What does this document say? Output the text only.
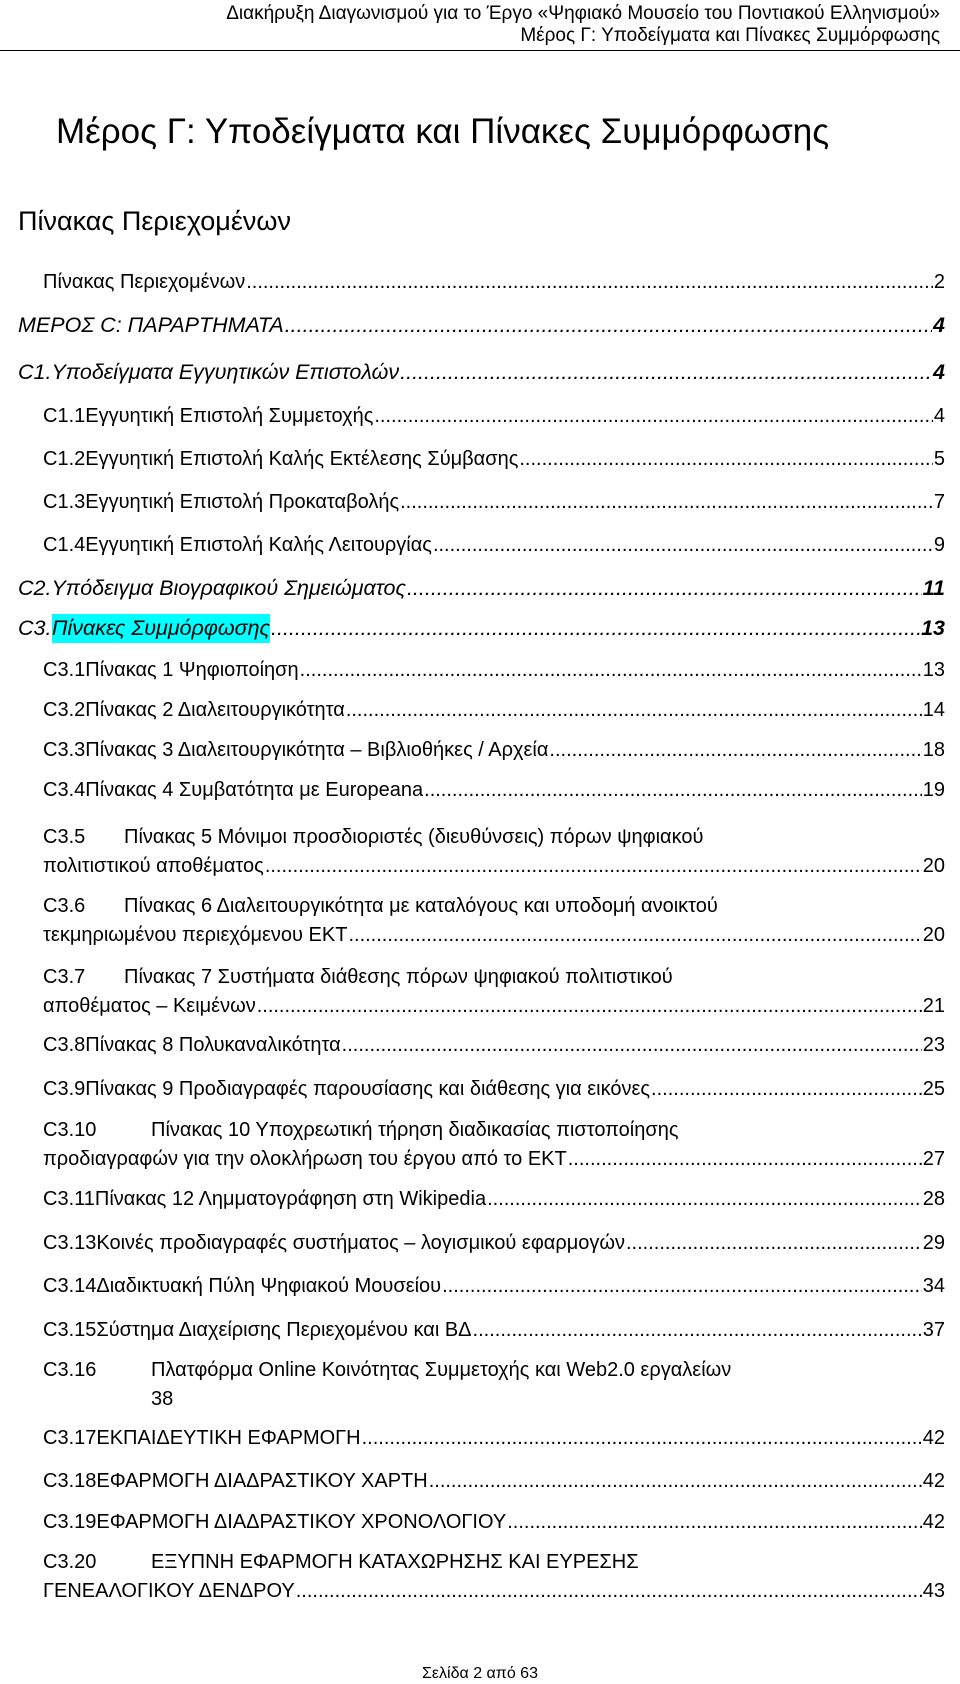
Διακήρυξη Διαγωνισμού για το Έργο «Ψηφιακό Μουσείο του Ποντιακού Ελληνισμού»
Μέρος Γ: Υποδείγματα και Πίνακες Συμμόρφωσης
Μέρος Γ: Υποδείγματα και Πίνακες Συμμόρφωσης
Πίνακας Περιεχομένων
Πίνακας Περιεχομένων .....	2
ΜΕΡΟΣ C: ΠΑΡΑΡΤΗΜΑΤΑ .....	4
C1. Υποδείγματα Εγγυητικών Επιστολών .....	4
C1.1 Εγγυητική Επιστολή Συμμετοχής .....	4
C1.2 Εγγυητική Επιστολή Καλής Εκτέλεσης Σύμβασης .....	5
C1.3 Εγγυητική Επιστολή Προκαταβολής .....	7
C1.4 Εγγυητική Επιστολή Καλής Λειτουργίας .....	9
C2. Υπόδειγμα Βιογραφικού Σημειώματος .....	11
C3. Πίνακες Συμμόρφωσης .....	13
C3.1 Πίνακας 1 Ψηφιοποίηση .....	13
C3.2 Πίνακας 2 Διαλειτουργικότητα .....	14
C3.3 Πίνακας 3 Διαλειτουργικότητα – Βιβλιοθήκες / Αρχεία .....	18
C3.4 Πίνακας 4 Συμβατότητα με Europeana .....	19
C3.5 Πίνακας 5 Μόνιμοι προσδιοριστές (διευθύνσεις) πόρων ψηφιακού
πολιτιστικού αποθέματος .....	20
C3.6 Πίνακας 6 Διαλειτουργικότητα με καταλόγους και υποδομή ανοικτού
τεκμηριωμένου περιεχόμενου ΕΚΤ .....	20
C3.7 Πίνακας 7 Συστήματα διάθεσης πόρων ψηφιακού πολιτιστικού
αποθέματος – Κειμένων .....	21
C3.8 Πίνακας 8 Πολυκαναλικότητα .....	23
C3.9 Πίνακας 9 Προδιαγραφές παρουσίασης και διάθεσης για εικόνες .....	25
C3.10	Πίνακας 10 Υποχρεωτική τήρηση διαδικασίας πιστοποίησης
προδιαγραφών για την ολοκλήρωση του έργου από το ΕΚΤ .....	27
C3.11 Πίνακας 12 Λημματογράφηση στη Wikipedia .....	28
C3.13 Κοινές προδιαγραφές συστήματος – λογισμικού εφαρμογών .....	29
C3.14 Διαδικτυακή Πύλη Ψηφιακού Μουσείου .....	34
C3.15 Σύστημα Διαχείρισης Περιεχομένου και ΒΔ .....	37
C3.16	Πλατφόρμα Online Κοινότητας Συμμετοχής και Web2.0 εργαλείων
38
C3.17 ΕΚΠΑΙΔΕΥΤΙΚΗ ΕΦΑΡΜΟΓΗ .....	42
C3.18 ΕΦΑΡΜΟΓΗ ΔΙΑΔΡΑΣΤΙΚΟΥ ΧΑΡΤΗ .....	42
C3.19 ΕΦΑΡΜΟΓΗ ΔΙΑΔΡΑΣΤΙΚΟΥ ΧΡΟΝΟΛΟΓΙΟΥ .....	42
C3.20	ΕΞΥΠΝΗ ΕΦΑΡΜΟΓΗ ΚΑΤΑΧΩΡΗΣΗΣ ΚΑΙ ΕΥΡΕΣΗΣ
ΓΕΝΕΑΛΟΓΙΚΟΥ ΔΕΝΔΡΟΥ .....	43
Σελίδα 2 από 63
